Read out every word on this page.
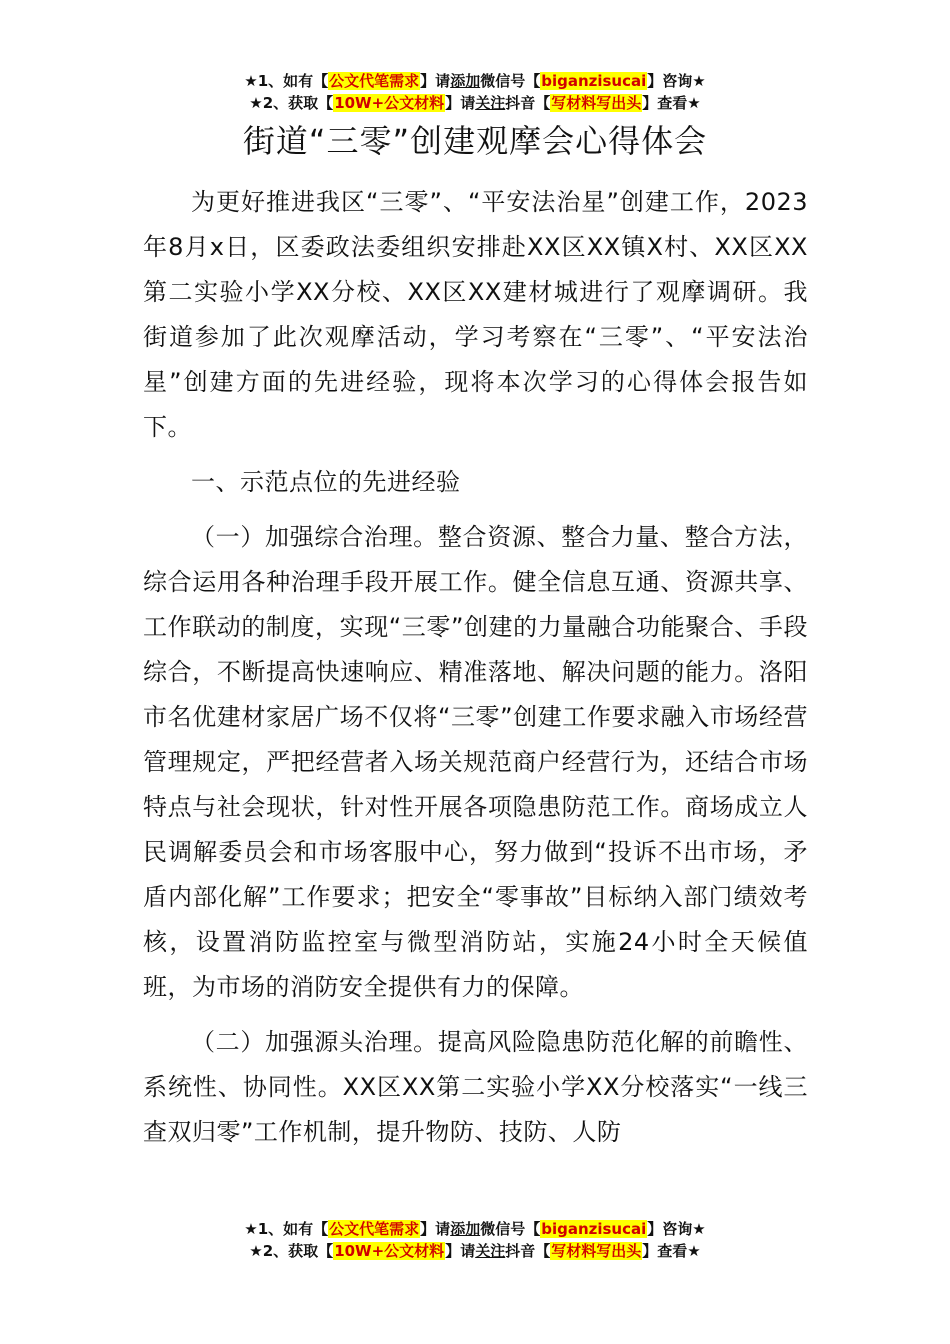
★1、如有【公文代笔需求】请添加微信号【biganzisucai】咨询★
★2、获取【10W+公文材料】请关注抖音【写材料写出头】查看★
街道“三零”创建观摩会心得体会

为更好推进我区“三零”、“平安法治星”创建工作，2023年8月x日，区委政法委组织安排赴XX区XX镇X村、XX区XX第二实验小学XX分校、XX区XX建材城进行了观摩调研。我街道参加了此次观摩活动，学习考察在“三零”、“平安法治星”创建方面的先进经验，现将本次学习的心得体会报告如下。

一、示范点位的先进经验

（一）加强综合治理。整合资源、整合力量、整合方法，综合运用各种治理手段开展工作。健全信息互通、资源共享、工作联动的制度，实现“三零”创建的力量融合功能聚合、手段综合，不断提高快速响应、精准落地、解决问题的能力。洛阳市名优建材家居广场不仅将“三零”创建工作要求融入市场经营管理规定，严把经营者入场关规范商户经营行为，还结合市场特点与社会现状，针对性开展各项隐患防范工作。商场成立人民调解委员会和市场客服中心，努力做到“投诉不出市场，矛盾内部化解”工作要求；把安全“零事故”目标纳入部门绩效考核，设置消防监控室与微型消防站，实施24小时全天候值班，为市场的消防安全提供有力的保障。

（二）加强源头治理。提高风险隐患防范化解的前瞻性、系统性、协同性。XX区XX第二实验小学XX分校落实“一线三查双归零”工作机制，提升物防、技防、人防

★1、如有【公文代笔需求】请添加微信号【biganzisucai】咨询★
★2、获取【10W+公文材料】请关注抖音【写材料写出头】查看★
